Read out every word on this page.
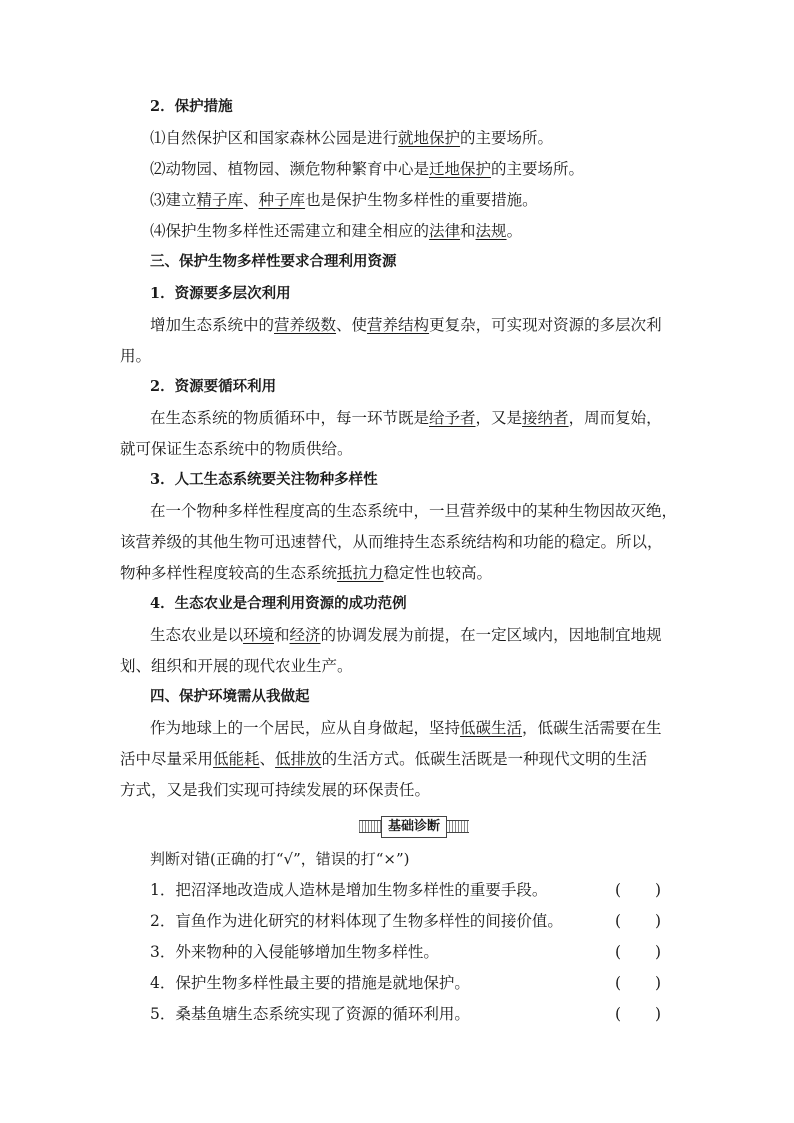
2．保护措施
⑴自然保护区和国家森林公园是进行就地保护的主要场所。
⑵动物园、植物园、濒危物种繁育中心是迁地保护的主要场所。
⑶建立精子库、种子库也是保护生物多样性的重要措施。
⑷保护生物多样性还需建立和建全相应的法律和法规。
三、保护生物多样性要求合理利用资源
1．资源要多层次利用
增加生态系统中的营养级数、使营养结构更复杂，可实现对资源的多层次利
用。
2．资源要循环利用
在生态系统的物质循环中，每一环节既是给予者，又是接纳者，周而复始，
就可保证生态系统中的物质供给。
3．人工生态系统要关注物种多样性
在一个物种多样性程度高的生态系统中，一旦营养级中的某种生物因故灭绝，
该营养级的其他生物可迅速替代，从而维持生态系统结构和功能的稳定。所以，
物种多样性程度较高的生态系统抵抗力稳定性也较高。
4．生态农业是合理利用资源的成功范例
生态农业是以环境和经济的协调发展为前提，在一定区域内，因地制宜地规
划、组织和开展的现代农业生产。
四、保护环境需从我做起
作为地球上的一个居民，应从自身做起，坚持低碳生活，低碳生活需要在生
活中尽量采用低能耗、低排放的生活方式。低碳生活既是一种现代文明的生活
方式，又是我们实现可持续发展的环保责任。
基础诊断
判断对错(正确的打“√”，错误的打“×”)
1．把沼泽地改造成人造林是增加生物多样性的重要手段。	( )
2．盲鱼作为进化研究的材料体现了生物多样性的间接价值。	( )
3．外来物种的入侵能够增加生物多样性。	( )
4．保护生物多样性最主要的措施是就地保护。	( )
5．桑基鱼塘生态系统实现了资源的循环利用。	( )
